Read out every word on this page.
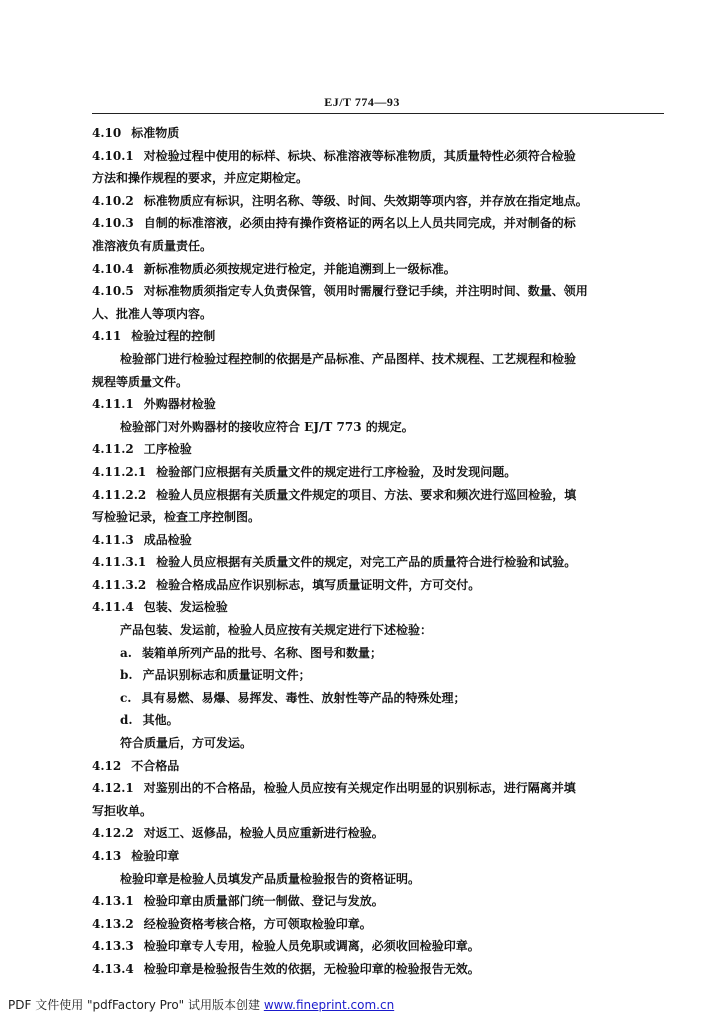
EJ/T 774—93
4.10 标准物质
4.10.1 对检验过程中使用的标样、标块、标准溶液等标准物质，其质量特性必须符合检验
方法和操作规程的要求，并应定期检定。
4.10.2 标准物质应有标识，注明名称、等级、时间、失效期等项内容，并存放在指定地点。
4.10.3 自制的标准溶液，必须由持有操作资格证的两名以上人员共同完成，并对制备的标
准溶液负有质量责任。
4.10.4 新标准物质必须按规定进行检定，并能追溯到上一级标准。
4.10.5 对标准物质须指定专人负责保管，领用时需履行登记手续，并注明时间、数量、领用
人、批准人等项内容。
4.11 检验过程的控制
检验部门进行检验过程控制的依据是产品标准、产品图样、技术规程、工艺规程和检验
规程等质量文件。
4.11.1 外购器材检验
检验部门对外购器材的接收应符合 EJ/T 773 的规定。
4.11.2 工序检验
4.11.2.1 检验部门应根据有关质量文件的规定进行工序检验，及时发现问题。
4.11.2.2 检验人员应根据有关质量文件规定的项目、方法、要求和频次进行巡回检验，填
写检验记录，检查工序控制图。
4.11.3 成品检验
4.11.3.1 检验人员应根据有关质量文件的规定，对完工产品的质量符合进行检验和试验。
4.11.3.2 检验合格成品应作识别标志，填写质量证明文件，方可交付。
4.11.4 包装、发运检验
产品包装、发运前，检验人员应按有关规定进行下述检验：
a. 装箱单所列产品的批号、名称、图号和数量；
b. 产品识别标志和质量证明文件；
c. 具有易燃、易爆、易挥发、毒性、放射性等产品的特殊处理；
d. 其他。
符合质量后，方可发运。
4.12 不合格品
4.12.1 对鉴别出的不合格品，检验人员应按有关规定作出明显的识别标志，进行隔离并填
写拒收单。
4.12.2 对返工、返修品，检验人员应重新进行检验。
4.13 检验印章
检验印章是检验人员填发产品质量检验报告的资格证明。
4.13.1 检验印章由质量部门统一制做、登记与发放。
4.13.2 经检验资格考核合格，方可领取检验印章。
4.13.3 检验印章专人专用，检验人员免职或调离，必须收回检验印章。
4.13.4 检验印章是检验报告生效的依据，无检验印章的检验报告无效。
PDF 文件使用 "pdfFactory Pro" 试用版本创建 www.fineprint.com.cn
